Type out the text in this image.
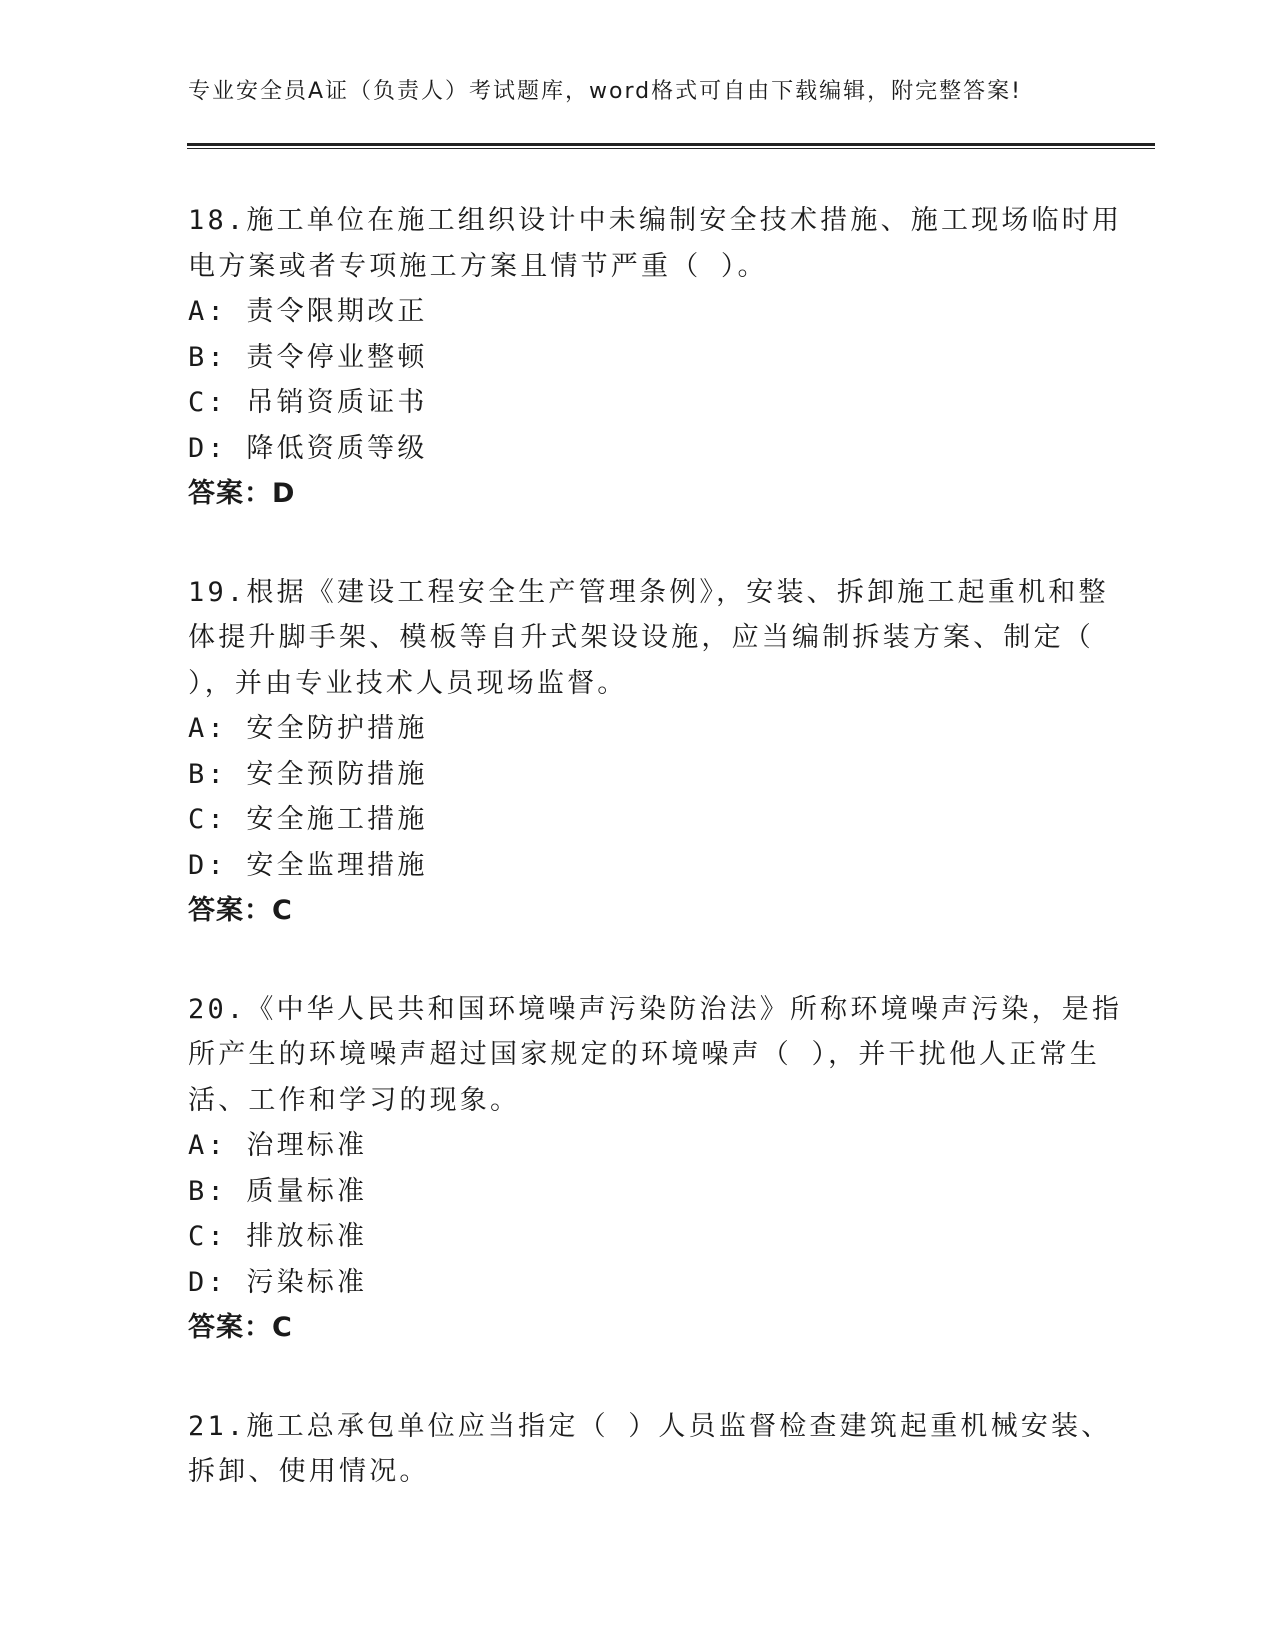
专业安全员A证（负责人）考试题库，word格式可自由下载编辑，附完整答案!
18.施工单位在施工组织设计中未编制安全技术措施、施工现场临时用
电方案或者专项施工方案且情节严重（ ）。
A: 责令限期改正
B: 责令停业整顿
C: 吊销资质证书
D: 降低资质等级
答案：D
19.根据《建设工程安全生产管理条例》，安装、拆卸施工起重机和整
体提升脚手架、模板等自升式架设设施，应当编制拆装方案、制定（
），并由专业技术人员现场监督。
A: 安全防护措施
B: 安全预防措施
C: 安全施工措施
D: 安全监理措施
答案：C
20.《中华人民共和国环境噪声污染防治法》所称环境噪声污染，是指
所产生的环境噪声超过国家规定的环境噪声（ ），并干扰他人正常生
活、工作和学习的现象。
A: 治理标准
B: 质量标准
C: 排放标准
D: 污染标准
答案：C
21.施工总承包单位应当指定（ ）人员监督检查建筑起重机械安装、
拆卸、使用情况。
